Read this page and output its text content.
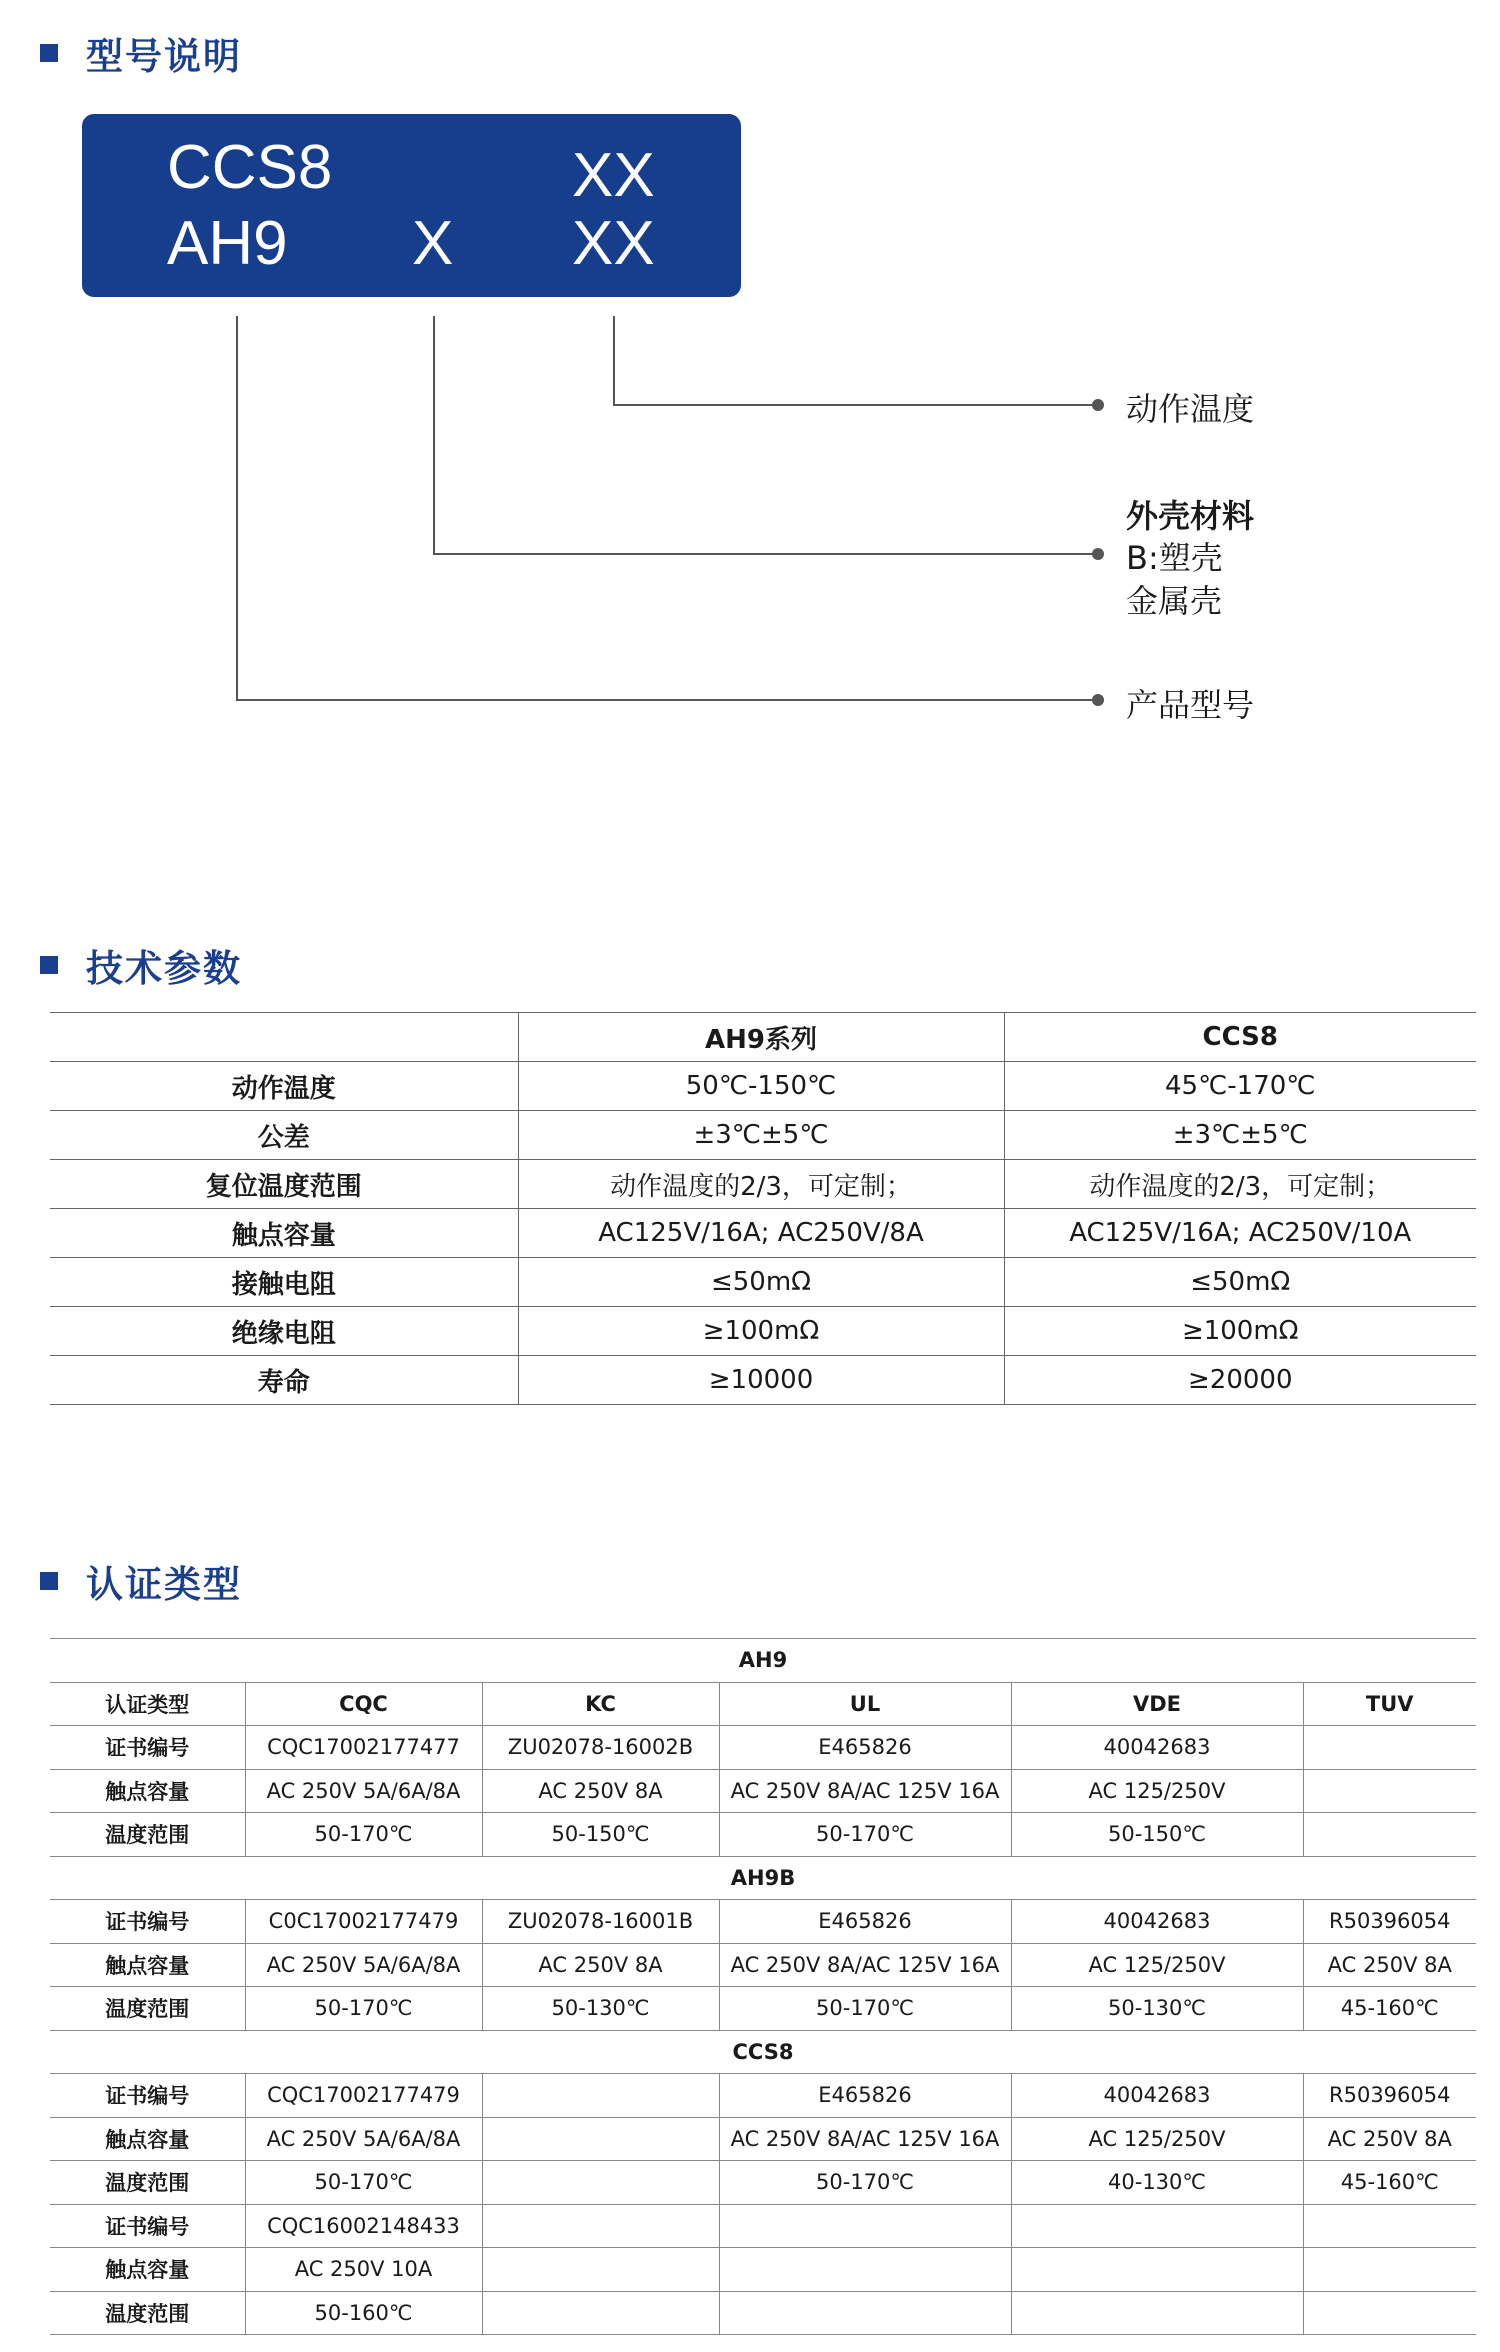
型号说明
CCS8	XX
AH9 X XX
动作温度
外壳材料
B:塑壳
金属壳
产品型号
技术参数
	AH9系列	CCS8
动作温度	50℃-150℃	45℃-170℃
公差	±3℃±5℃	±3℃±5℃
复位温度范围	动作温度的2/3，可定制；	动作温度的2/3，可定制；
触点容量	AC125V/16A; AC250V/8A	AC125V/16A; AC250V/10A
接触电阻	≤50mΩ	≤50mΩ
绝缘电阻	≥100mΩ	≥100mΩ
寿命	≥10000	≥20000
认证类型
AH9					
认证类型	CQC	KC	UL	VDE	TUV
证书编号	CQC17002177477	ZU02078-16002B	E465826	40042683	
触点容量	AC 250V 5A/6A/8A	AC 250V 8A	AC 250V 8A/AC 125V 16A	AC 125/250V	
温度范围	50-170℃	50-150℃	50-170℃	50-150℃	
AH9B					
证书编号	C0C17002177479	ZU02078-16001B	E465826	40042683	R50396054
触点容量	AC 250V 5A/6A/8A	AC 250V 8A	AC 250V 8A/AC 125V 16A	AC 125/250V	AC 250V 8A
温度范围	50-170℃	50-130℃	50-170℃	50-130℃	45-160℃
CCS8					
证书编号	CQC17002177479		E465826	40042683	R50396054
触点容量	AC 250V 5A/6A/8A		AC 250V 8A/AC 125V 16A	AC 125/250V	AC 250V 8A
温度范围	50-170℃		50-170℃	40-130℃	45-160℃
证书编号	CQC16002148433				
触点容量	AC 250V 10A				
温度范围	50-160℃				
